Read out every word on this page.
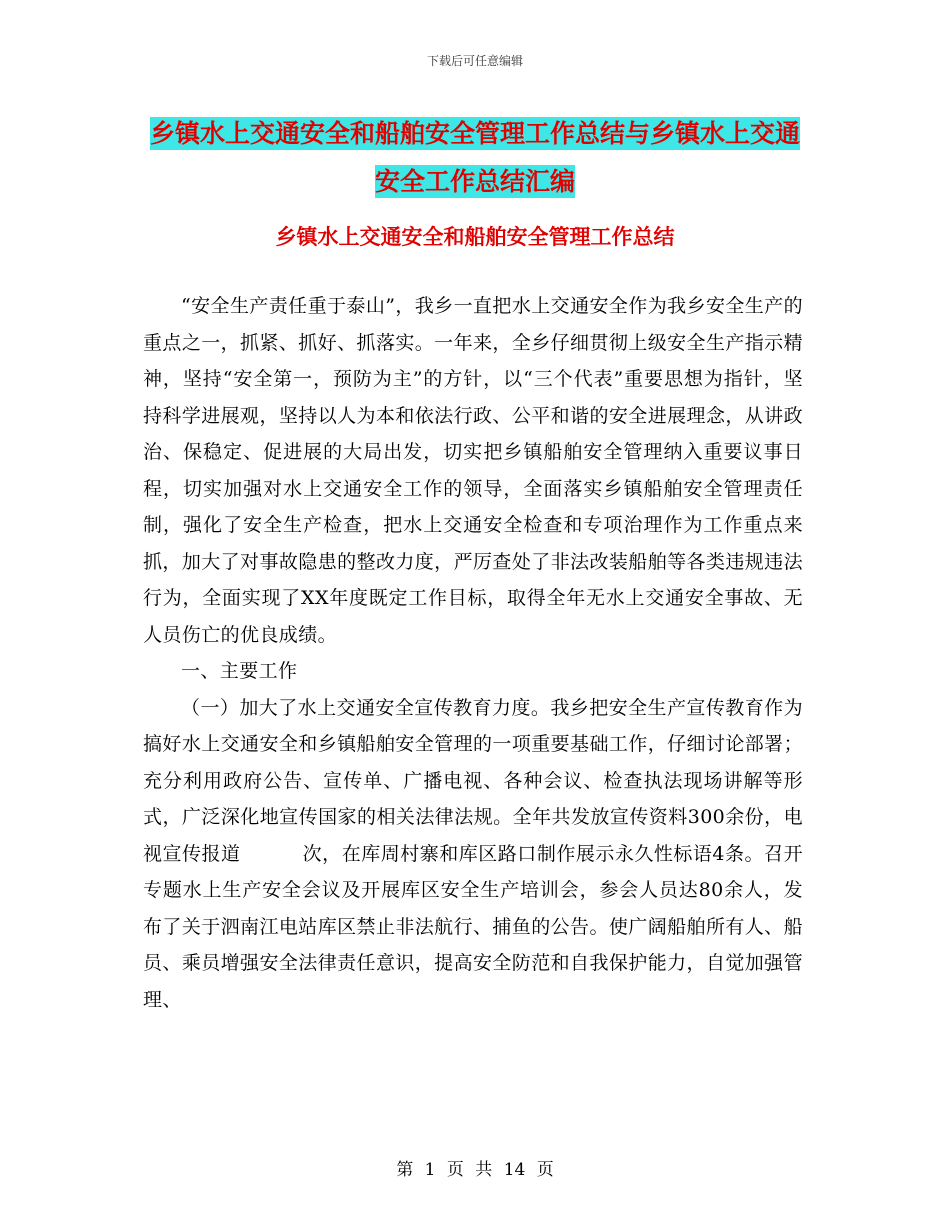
下载后可任意编辑
乡镇水上交通安全和船舶安全管理工作总结与乡镇水上交通安全工作总结汇编
乡镇水上交通安全和船舶安全管理工作总结

“安全生产责任重于泰山”，我乡一直把水上交通安全作为我乡安全生产的重点之一，抓紧、抓好、抓落实。一年来，全乡仔细贯彻上级安全生产指示精神，坚持“安全第一，预防为主”的方针，以“三个代表”重要思想为指针，坚持科学进展观，坚持以人为本和依法行政、公平和谐的安全进展理念，从讲政治、保稳定、促进展的大局出发，切实把乡镇船舶安全管理纳入重要议事日程，切实加强对水上交通安全工作的领导，全面落实乡镇船舶安全管理责任制，强化了安全生产检查，把水上交通安全检查和专项治理作为工作重点来抓，加大了对事故隐患的整改力度，严厉查处了非法改装船舶等各类违规违法行为，全面实现了XX年度既定工作目标，取得全年无水上交通安全事故、无人员伤亡的优良成绩。

一、主要工作

（一）加大了水上交通安全宣传教育力度。我乡把安全生产宣传教育作为搞好水上交通安全和乡镇船舶安全管理的一项重要基础工作，仔细讨论部署；充分利用政府公告、宣传单、广播电视、各种会议、检查执法现场讲解等形式，广泛深化地宣传国家的相关法律法规。全年共发放宣传资料300余份，电视宣传报道	次，在库周村寨和库区路口制作展示永久性标语4条。召开专题水上生产安全会议及开展库区安全生产培训会，参会人员达80余人，发布了关于泗南江电站库区禁止非法航行、捕鱼的公告。使广阔船舶所有人、船员、乘员增强安全法律责任意识，提高安全防范和自我保护能力，自觉加强管理、

第 1 页 共 14 页
